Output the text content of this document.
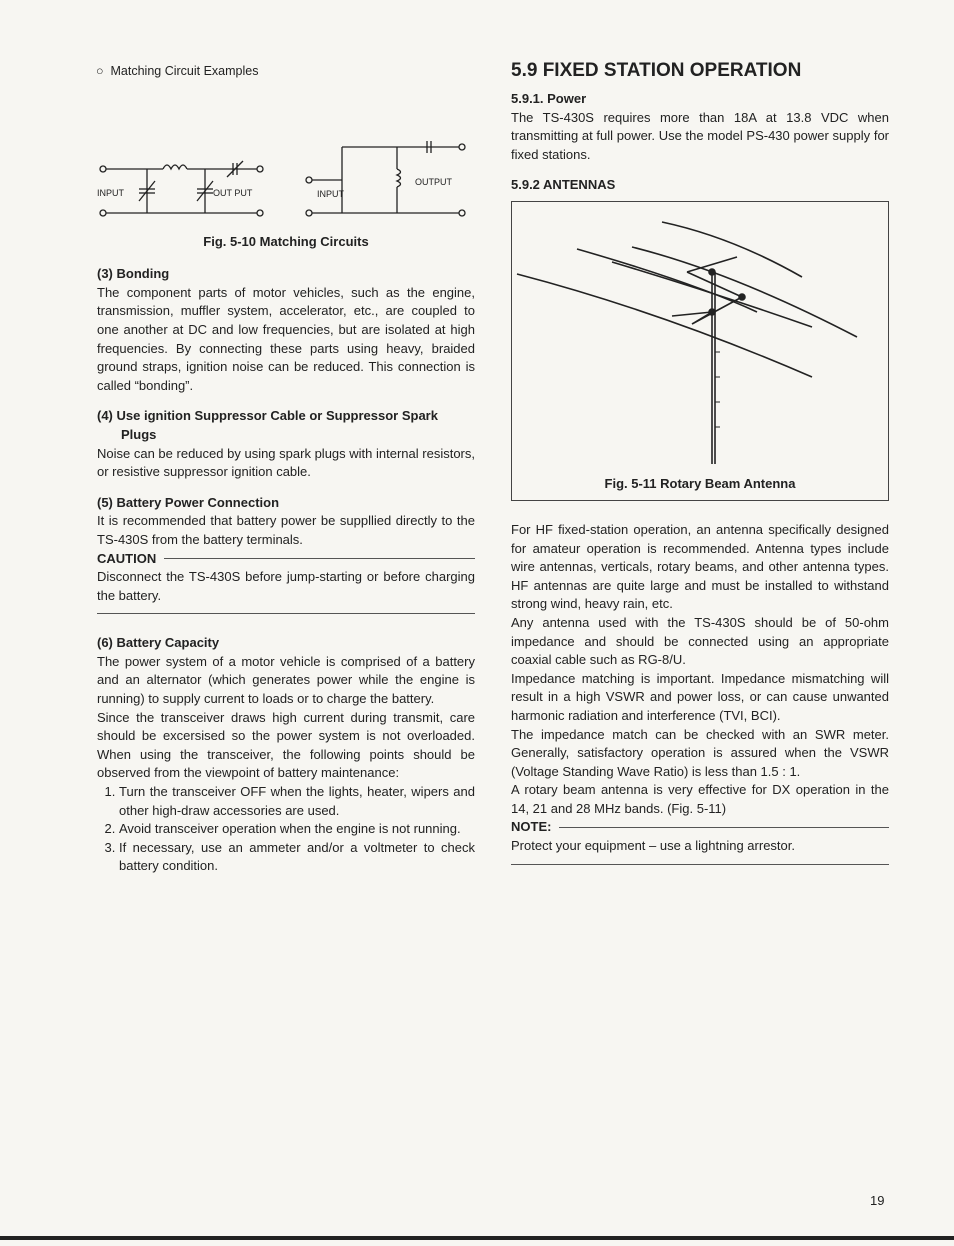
○  Matching Circuit Examples
INPUT	OUT PUT	INPUT
OUTPUT
Fig. 5-10 Matching Circuits
(3) Bonding

The component parts of motor vehicles, such as the engine, transmission, muffler system, accelerator, etc., are coupled to one another at DC and low frequencies, but are isolated at high frequencies. By connecting these parts using heavy, braided ground straps, ignition noise can be reduced. This connection is called “bonding”.

(4) Use ignition Suppressor Cable or Suppressor Spark Plugs

Noise can be reduced by using spark plugs with internal resistors, or resistive suppressor ignition cable.

(5) Battery Power Connection

It is recommended that battery power be suppllied directly to the TS-430S from the battery terminals.

CAUTION

Disconnect the TS-430S before jump-starting or before charging the battery.

(6) Battery Capacity

The power system of a motor vehicle is comprised of a battery and an alternator (which generates power while the engine is running) to supply current to loads or to charge the battery.

Since the transceiver draws high current during transmit, care should be excersised so the power system is not overloaded. When using the transceiver, the following points should be observed from the viewpoint of battery maintenance:

1. Turn the transceiver OFF when the lights, heater, wipers and other high-draw accessories are used.
2. Avoid transceiver operation when the engine is not running.
3. If necessary, use an ammeter and/or a voltmeter to check battery condition.
5.9 FIXED STATION OPERATION
5.9.1. Power

The TS-430S requires more than 18A at 13.8 VDC when transmitting at full power. Use the model PS-430 power supply for fixed stations.

5.9.2 ANTENNAS
Fig. 5-11 Rotary Beam Antenna

For HF fixed-station operation, an antenna specifically designed for amateur operation is recommended. Antenna types include wire antennas, verticals, rotary beams, and other antenna types. HF antennas are quite large and must be installed to withstand strong wind, heavy rain, etc.

Any antenna used with the TS-430S should be of 50-ohm impedance and should be connected using an appropriate coaxial cable such as RG-8/U.

Impedance matching is important. Impedance mismatching will result in a high VSWR and power loss, or can cause unwanted harmonic radiation and interference (TVI, BCI).

The impedance match can be checked with an SWR meter. Generally, satisfactory operation is assured when the VSWR (Voltage Standing Wave Ratio) is less than 1.5 : 1.

A rotary beam antenna is very effective for DX operation in the 14, 21 and 28 MHz bands. (Fig. 5-11)

NOTE:

Protect your equipment – use a lightning arrestor.

19
